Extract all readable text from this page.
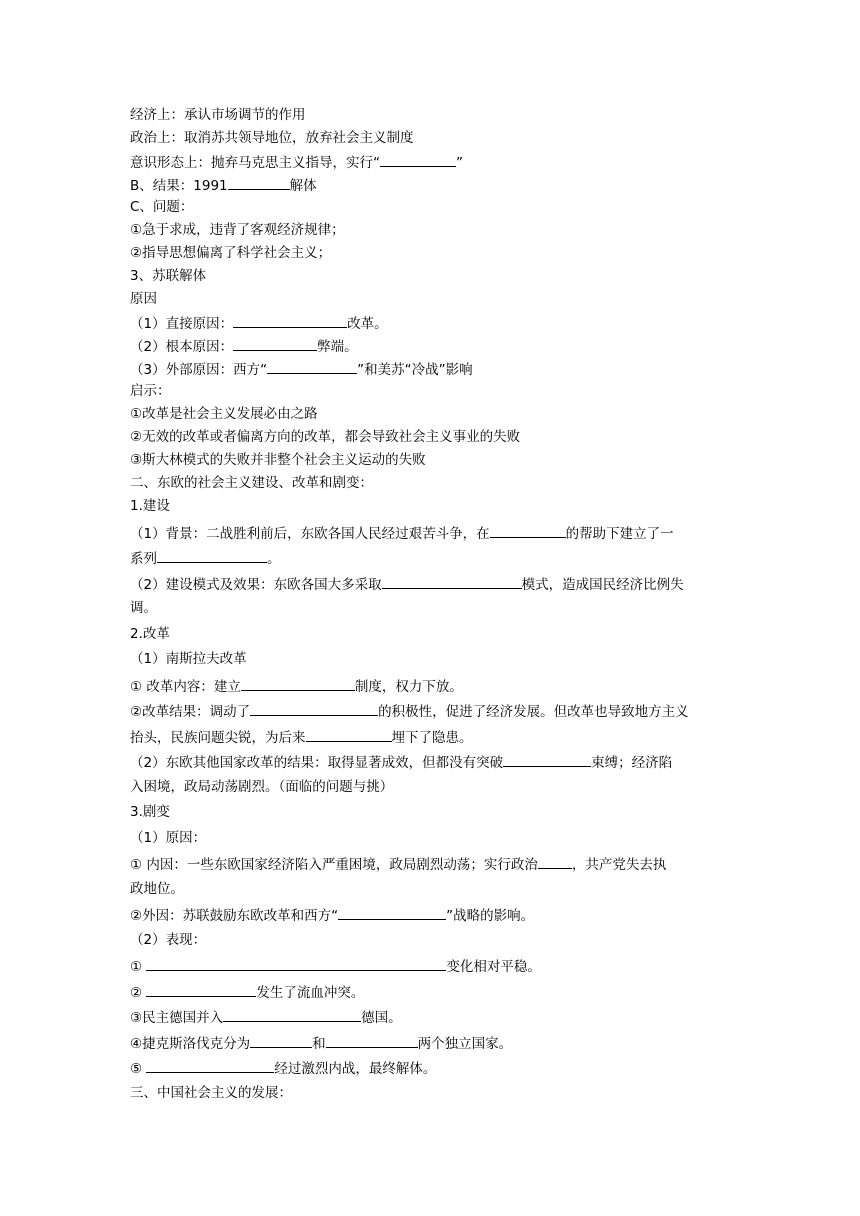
经济上：承认市场调节的作用
政治上：取消苏共领导地位，放弃社会主义制度
意识形态上：抛弃马克思主义指导，实行“	”
B、结果：1991	解体
C、问题：
①急于求成，违背了客观经济规律；
②指导思想偏离了科学社会主义；
3、苏联解体
原因
（1）直接原因：	改革。
（2）根本原因：	弊端。
（3）外部原因：西方“	”和美苏“冷战”影响
启示：
①改革是社会主义发展必由之路
②无效的改革或者偏离方向的改革，都会导致社会主义事业的失败
③斯大林模式的失败并非整个社会主义运动的失败
二、东欧的社会主义建设、改革和剧变：
1.建设
（1）背景：二战胜利前后，东欧各国人民经过艰苦斗争，在	的帮助下建立了一
系列	。
（2）建设模式及效果：东欧各国大多采取	模式，造成国民经济比例失
调。
2.改革
（1）南斯拉夫改革
① 改革内容：建立	制度，权力下放。
②改革结果：调动了	的积极性，促进了经济发展。但改革也导致地方主义
抬头，民族问题尖锐，为后来	埋下了隐患。
（2）东欧其他国家改革的结果：取得显著成效，但都没有突破	束缚；经济陷
入困境，政局动荡剧烈。（面临的问题与挑）
3.剧变
（1）原因：
① 内因：一些东欧国家经济陷入严重困境，政局剧烈动荡；实行政治	，共产党失去执
政地位。
②外因：苏联鼓励东欧改革和西方“	”战略的影响。
（2）表现：
①	变化相对平稳。
②	发生了流血冲突。
③民主德国并入	德国。
④捷克斯洛伐克分为	和	两个独立国家。
⑤	经过激烈内战，最终解体。
三、中国社会主义的发展：
